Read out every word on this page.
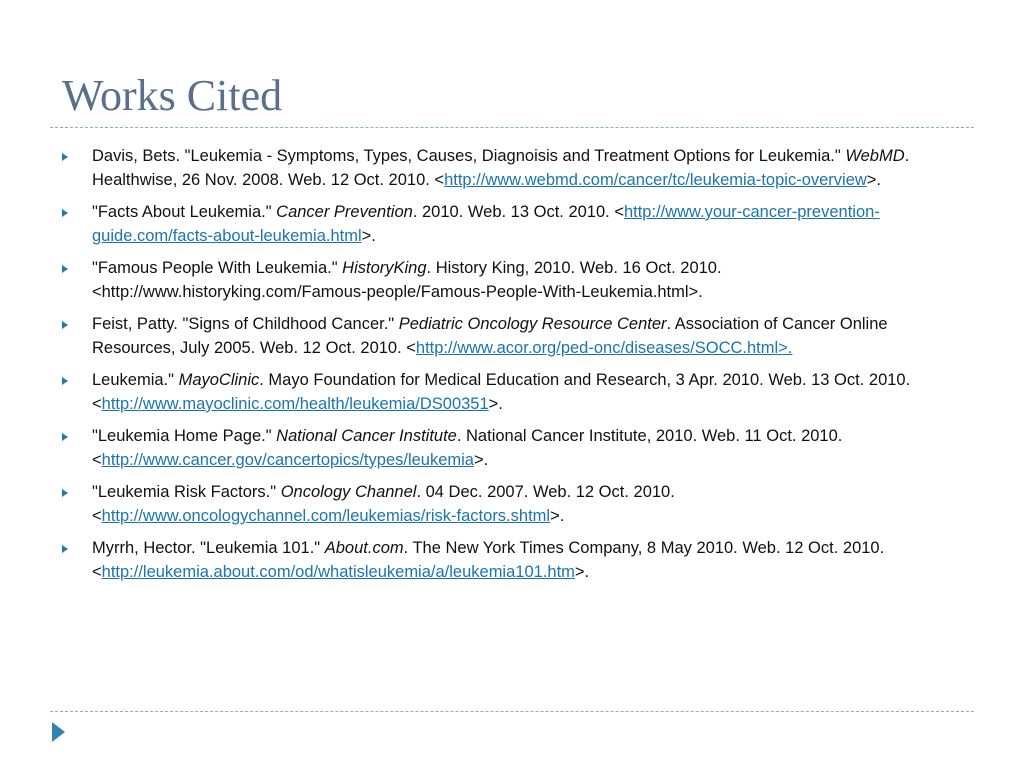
Works Cited
Davis, Bets. "Leukemia - Symptoms, Types, Causes, Diagnoisis and Treatment Options for Leukemia." WebMD. Healthwise, 26 Nov. 2008. Web. 12 Oct. 2010. <http://www.webmd.com/cancer/tc/leukemia-topic-overview>.
"Facts About Leukemia." Cancer Prevention. 2010. Web. 13 Oct. 2010. <http://www.your-cancer-prevention-guide.com/facts-about-leukemia.html>.
"Famous People With Leukemia." HistoryKing. History King, 2010. Web. 16 Oct. 2010. <http://www.historyking.com/Famous-people/Famous-People-With-Leukemia.html>.
Feist, Patty. "Signs of Childhood Cancer." Pediatric Oncology Resource Center. Association of Cancer Online Resources, July 2005. Web. 12 Oct. 2010. <http://www.acor.org/ped-onc/diseases/SOCC.html>.
Leukemia." MayoClinic. Mayo Foundation for Medical Education and Research, 3 Apr. 2010. Web. 13 Oct. 2010. <http://www.mayoclinic.com/health/leukemia/DS00351>.
"Leukemia Home Page." National Cancer Institute. National Cancer Institute, 2010. Web. 11 Oct. 2010. <http://www.cancer.gov/cancertopics/types/leukemia>.
"Leukemia Risk Factors." Oncology Channel. 04 Dec. 2007. Web. 12 Oct. 2010. <http://www.oncologychannel.com/leukemias/risk-factors.shtml>.
Myrrh, Hector. "Leukemia 101." About.com. The New York Times Company, 8 May 2010. Web. 12 Oct. 2010. <http://leukemia.about.com/od/whatisleukemia/a/leukemia101.htm>.
